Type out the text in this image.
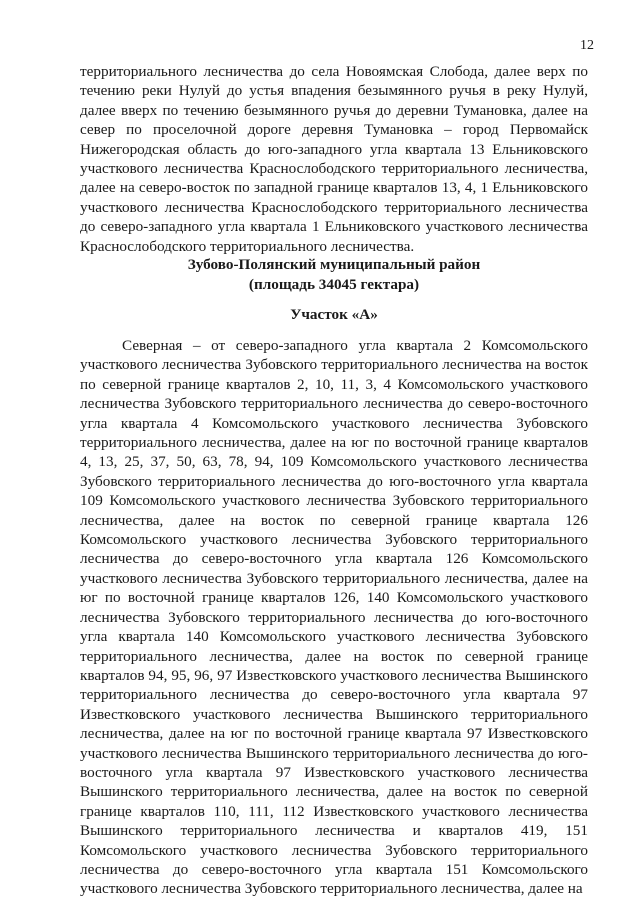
12

территориального лесничества до села Новоямская Слобода, далее верх по течению реки Нулуй до устья впадения безымянного ручья в реку Нулуй, далее вверх по течению безымянного ручья до деревни Тумановка, далее на север по проселочной дороге деревня Тумановка – город Первомайск Нижегородская область до юго-западного угла квартала 13 Ельниковского участкового лесничества Краснослободского территориального лесничества, далее на северо-восток по западной границе кварталов 13, 4, 1 Ельниковского участкового лесничества Краснослободского территориального лесничества до северо-западного угла квартала 1 Ельниковского участкового лесничества Краснослободского территориального лесничества.

Зубово-Полянский муниципальный район
(площадь 34045 гектара)
Участок «А»

Северная – от северо-западного угла квартала 2 Комсомольского участкового лесничества Зубовского территориального лесничества на восток по северной границе кварталов 2, 10, 11, 3, 4 Комсомольского участкового лесничества Зубовского территориального лесничества до северо-восточного угла квартала 4 Комсомольского участкового лесничества Зубовского территориального лесничества, далее на юг по восточной границе кварталов 4, 13, 25, 37, 50, 63, 78, 94, 109 Комсомольского участкового лесничества Зубовского территориального лесничества до юго-восточного угла квартала 109 Комсомольского участкового лесничества Зубовского территориального лесничества, далее на восток по северной границе квартала 126 Комсомольского участкового лесничества Зубовского территориального лесничества до северо-восточного угла квартала 126 Комсомольского участкового лесничества Зубовского территориального лесничества, далее на юг по восточной границе кварталов 126, 140 Комсомольского участкового лесничества Зубовского территориального лесничества до юго-восточного угла квартала 140 Комсомольского участкового лесничества Зубовского территориального лесничества, далее на восток по северной границе кварталов 94, 95, 96, 97 Известковского участкового лесничества Вышинского территориального лесничества до северо-восточного угла квартала 97 Известковского участкового лесничества Вышинского территориального лесничества, далее на юг по восточной границе квартала 97 Известковского участкового лесничества Вышинского территориального лесничества до юго-восточного угла квартала 97 Известковского участкового лесничества Вышинского территориального лесничества, далее на восток по северной границе кварталов 110, 111, 112 Известковского участкового лесничества Вышинского территориального лесничества и кварталов 419, 151 Комсомольского участкового лесничества Зубовского территориального лесничества до северо-восточного угла квартала 151 Комсомольского участкового лесничества Зубовского территориального лесничества, далее на
